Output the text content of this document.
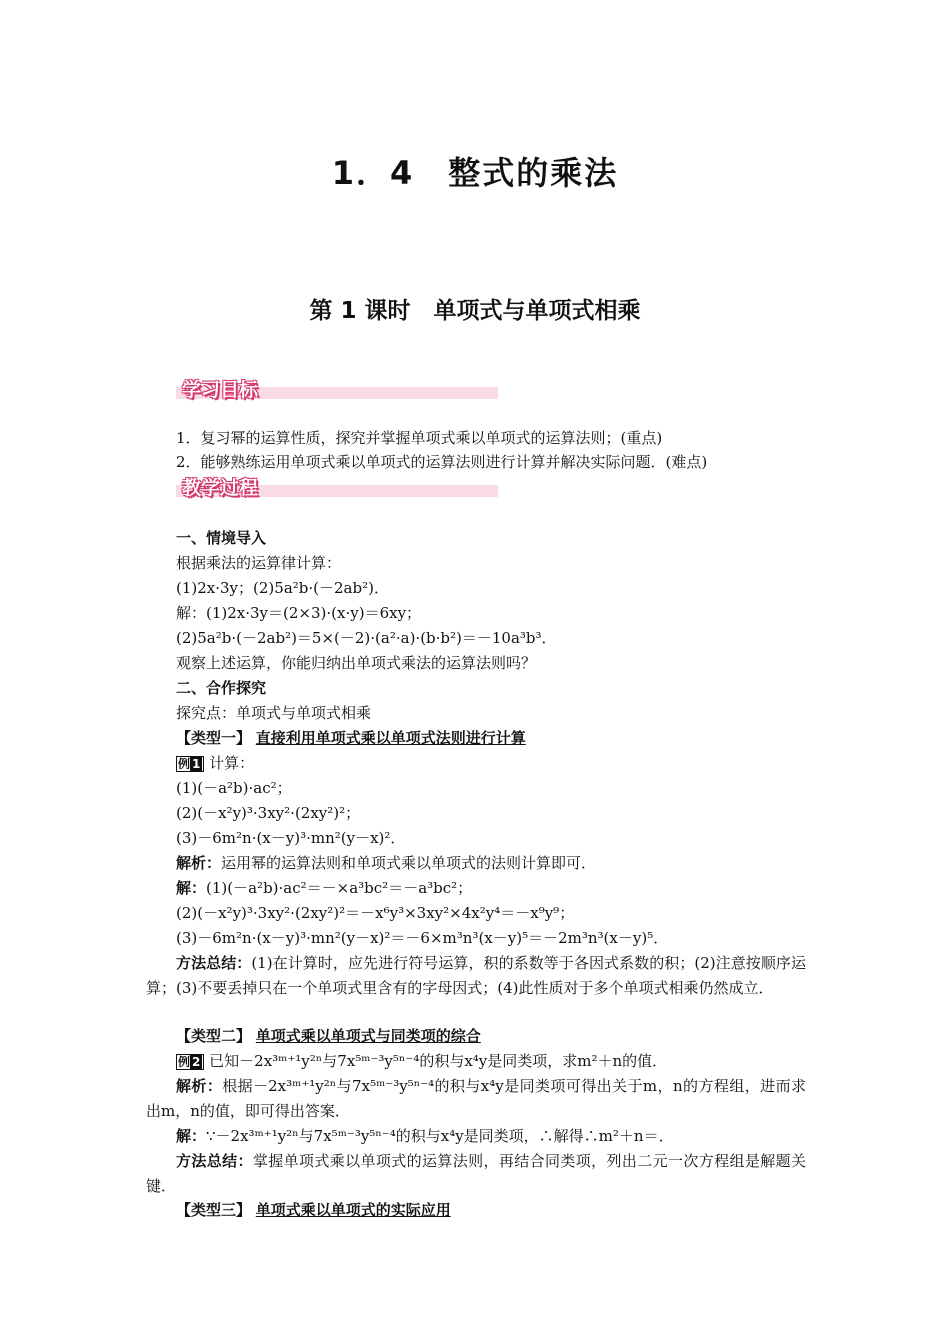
1．4　整式的乘法
第 1 课时　单项式与单项式相乘
学习目标
1．复习幂的运算性质，探究并掌握单项式乘以单项式的运算法则；(重点)
2．能够熟练运用单项式乘以单项式的运算法则进行计算并解决实际问题．(难点)
教学过程
一、情境导入
根据乘法的运算律计算：
(1)2x·3y；(2)5a²b·(－2ab²)．
解：(1)2x·3y＝(2×3)·(x·y)＝6xy；
(2)5a²b·(－2ab²)＝5×(－2)·(a²·a)·(b·b²)＝－10a³b³．
观察上述运算，你能归纳出单项式乘法的运算法则吗？
二、合作探究
探究点：单项式与单项式相乘
【类型一】 直接利用单项式乘以单项式法则进行计算
例 1 计算：
(1)(－a²b)·ac²；
(2)(－x²y)³·3xy²·(2xy²)²；
(3)－6m²n·(x－y)³·mn²(y－x)²．
解析：运用幂的运算法则和单项式乘以单项式的法则计算即可．
解：(1)(－a²b)·ac²＝－×a³bc²＝－a³bc²；
(2)(－x²y)³·3xy²·(2xy²)²＝－x⁶y³×3xy²×4x²y⁴＝－x⁹y⁹；
(3)－6m²n·(x－y)³·mn²(y－x)²＝－6×m³n³(x－y)⁵＝－2m³n³(x－y)⁵．
方法总结：(1)在计算时，应先进行符号运算，积的系数等于各因式系数的积；(2)注意按顺序运算；(3)不要丢掉只在一个单项式里含有的字母因式；(4)此性质对于多个单项式相乘仍然成立．
【类型二】 单项式乘以单项式与同类项的综合
例 2 已知－2x³ᵐ⁺¹y²ⁿ与7x⁵ᵐ⁻³y⁵ⁿ⁻⁴的积与x⁴y是同类项，求m²＋n的值．
解析：根据－2x³ᵐ⁺¹y²ⁿ与7x⁵ᵐ⁻³y⁵ⁿ⁻⁴的积与x⁴y是同类项可得出关于m，n的方程组，进而求出m，n的值，即可得出答案．
解：∵－2x³ᵐ⁺¹y²ⁿ与7x⁵ᵐ⁻³y⁵ⁿ⁻⁴的积与x⁴y是同类项，∴解得∴m²＋n＝．
方法总结：掌握单项式乘以单项式的运算法则，再结合同类项，列出二元一次方程组是解题关键．
【类型三】 单项式乘以单项式的实际应用
